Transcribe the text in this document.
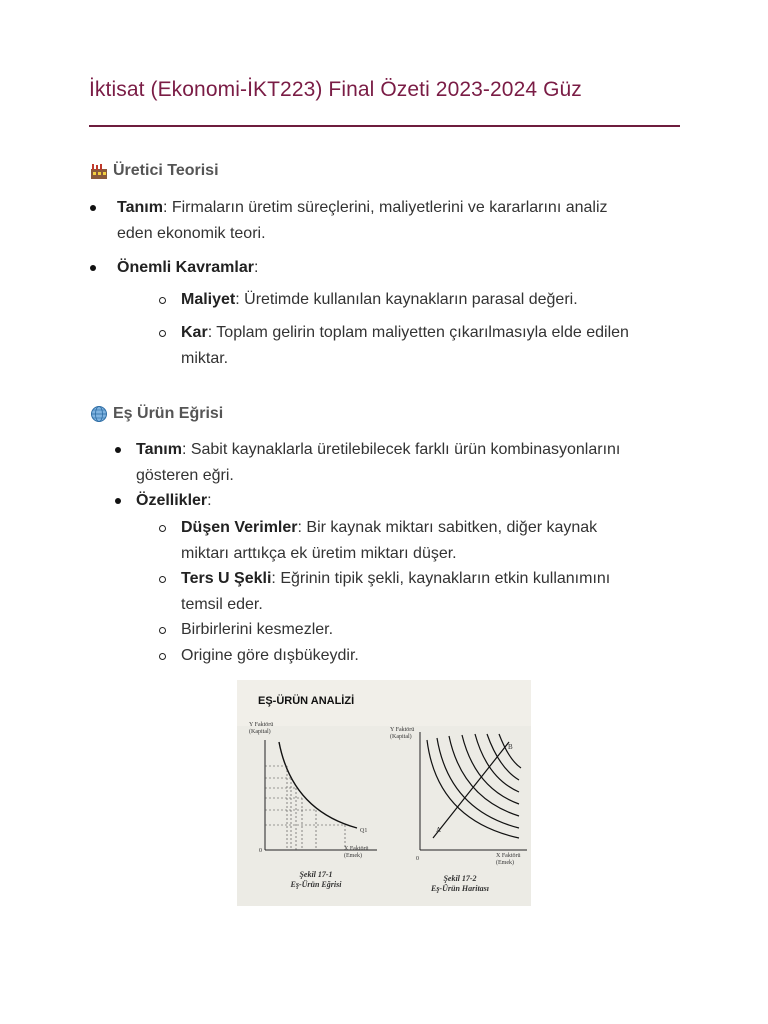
İktisat (Ekonomi-İKT223) Final Özeti 2023-2024 Güz
Üretici Teorisi
Tanım: Firmaların üretim süreçlerini, maliyetlerini ve kararlarını analiz
eden ekonomik teori.
Önemli Kavramlar:
Maliyet: Üretimde kullanılan kaynakların parasal değeri.
Kar: Toplam gelirin toplam maliyetten çıkarılmasıyla elde edilen
miktar.
Eş Ürün Eğrisi
Tanım: Sabit kaynaklarla üretilebilecek farklı ürün kombinasyonlarını
gösteren eğri.
Özellikler:
Düşen Verimler: Bir kaynak miktarı sabitken, diğer kaynak
miktarı arttıkça ek üretim miktarı düşer.
Ters U Şekli: Eğrinin tipik şekli, kaynakların etkin kullanımını
temsil eder.
Birbirlerini kesmezler.
Origine göre dışbükeydir.
EŞ-ÜRÜN ANALİZİ
Y Faktörü
(Kapital)
X Faktörü
(Emek)
0
Q1
Şekil 17-1
Eş-Ürün Eğrisi
Y Faktörü
(Kapital)
X Faktörü
(Emek)
0
A
B
Şekil 17-2
Eş-Ürün Haritası
